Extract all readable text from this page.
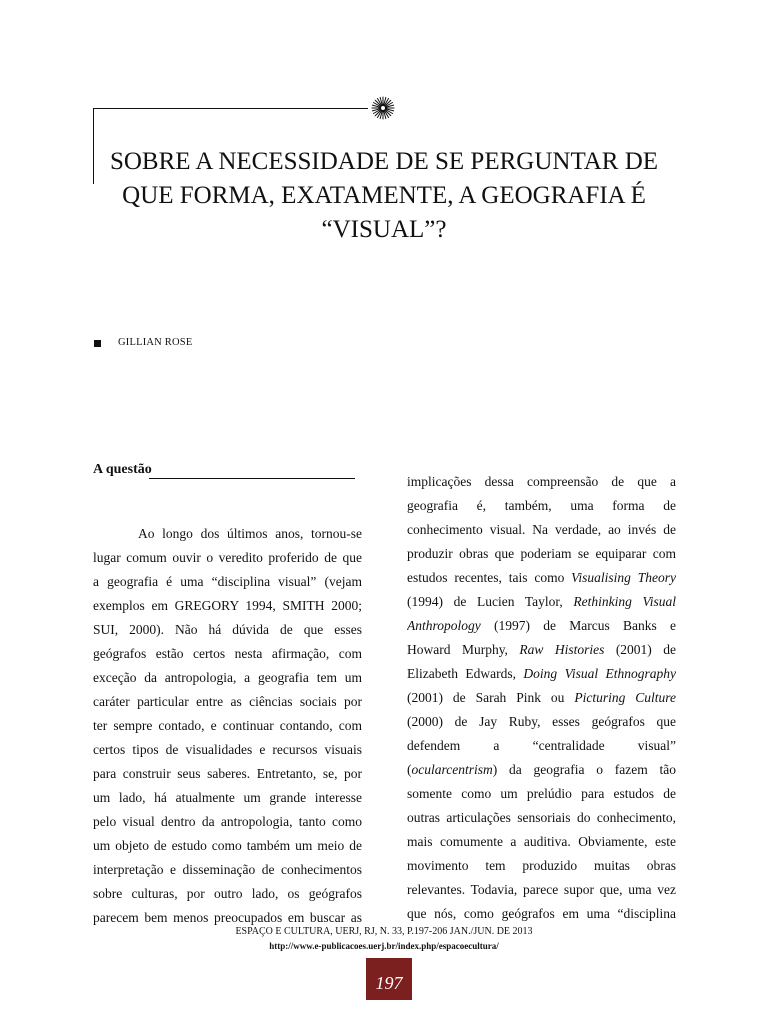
SOBRE A NECESSIDADE DE SE PERGUNTAR DE
QUE FORMA, EXATAMENTE, A GEOGRAFIA É
“VISUAL”?
GILLIAN ROSE
A questão
Ao longo dos últimos anos, tornou-se
lugar comum ouvir o veredito proferido de que
a geografia é uma “disciplina visual” (vejam
exemplos em GREGORY 1994, SMITH 2000;
SUI, 2000). Não há dúvida de que esses
geógrafos estão certos nesta afirmação, com
exceção da antropologia, a geografia tem um
caráter particular entre as ciências sociais por
ter sempre contado, e continuar contando, com
certos tipos de visualidades e recursos visuais
para construir seus saberes. Entretanto, se, por
um lado, há atualmente um grande interesse
pelo visual dentro da antropologia, tanto como
um objeto de estudo como também um meio de
interpretação e disseminação de conhecimentos
sobre culturas, por outro lado, os geógrafos
parecem bem menos preocupados em buscar as
implicações dessa compreensão de que a
geografia é, também, uma forma de
conhecimento visual. Na verdade, ao invés de
produzir obras que poderiam se equiparar com
estudos recentes, tais como Visualising Theory
(1994) de Lucien Taylor, Rethinking Visual
Anthropology (1997) de Marcus Banks e
Howard Murphy, Raw Histories (2001) de
Elizabeth Edwards, Doing Visual Ethnography
(2001) de Sarah Pink ou Picturing Culture
(2000) de Jay Ruby, esses geógrafos que
defendem a “centralidade visual”
(ocularcentrism) da geografia o fazem tão
somente como um prelúdio para estudos de
outras articulações sensoriais do conhecimento,
mais comumente a auditiva. Obviamente, este
movimento tem produzido muitas obras
relevantes. Todavia, parece supor que, uma vez
que nós, como geógrafos em uma “disciplina
ESPAÇO E CULTURA, UERJ, RJ, N. 33, P.197-206 JAN./JUN. DE 2013
http://www.e-publicacoes.uerj.br/index.php/espacoecultura/
197
